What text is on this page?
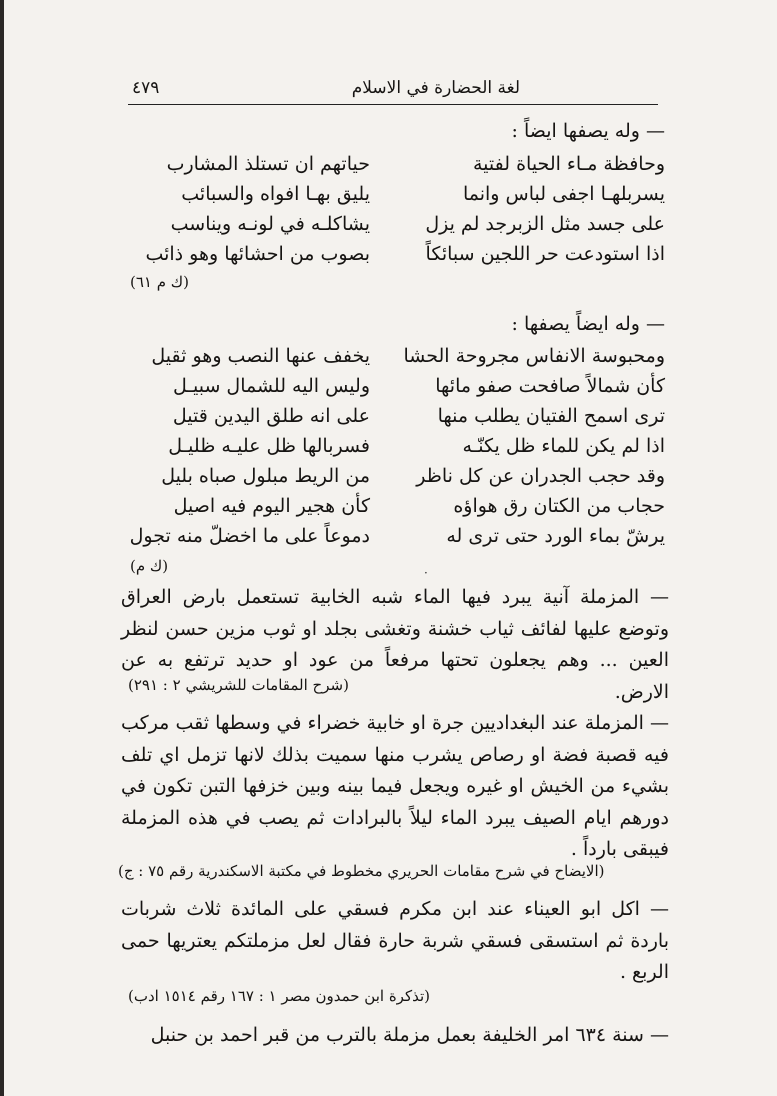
٤٧٩	لغة الحضارة في الاسلام
— وله يصفها ايضاً :
وحافظة مـاء الحياة لفتية
حياتهم ان تستلذ المشارب
يسربلهـا اجفى لباس وانما
يليق بهـا افواه والسبائب
على جسد مثل الزبرجد لم يزل
يشاكلـه في لونـه ويناسب
اذا استودعت حر اللجين سبائكاً
بصوب من احشائها وهو ذائب
(ك م ٦١)
— وله ايضاً يصفها :
ومحبوسة الانفاس مجروحة الحشا
يخفف عنها النصب وهو ثقيل
كأن شمالاً صافحت صفو مائها
وليس اليه للشمال سبيـل
ترى اسمح الفتيان يطلب منها
على انه طلق اليدين قتيل
اذا لم يكن للماء ظل يكنّـه
فسربالها ظل عليـه ظليـل
وقد حجب الجدران عن كل ناظر
من الريط مبلول صباه بليل
حجاب من الكتان رق هواؤه
كأن هجير اليوم فيه اصيل
يرشّ بماء الورد حتى ترى له
دموعاً على ما اخضلّ منه تجول
(ك م)	·
— المزملة آنية يبرد فيها الماء شبه الخابية تستعمل بارض العراق وتوضع عليها لفائف ثياب خشنة وتغشى بجلد او ثوب مزين حسن لنظر العين ... وهم يجعلون تحتها مرفعاً من عود او حديد ترتفع به عن الارض.
(شرح المقامات للشريشي ٢ : ٢٩١)
— المزملة عند البغداديين جرة او خابية خضراء في وسطها ثقب مركب فيه قصبة فضة او رصاص يشرب منها سميت بذلك لانها تزمل اي تلف بشيء من الخيش او غيره ويجعل فيما بينه وبين خزفها التبن تكون في دورهم ايام الصيف يبرد الماء ليلاً بالبرادات ثم يصب في هذه المزملة فيبقى بارداً .
(الايضاح في شرح مقامات الحريري مخطوط في مكتبة الاسكندرية رقم ٧٥ : ج)
— اكل ابو العيناء عند ابن مكرم فسقي على المائدة ثلاث شربات باردة ثم استسقى فسقي شربة حارة فقال لعل مزملتكم يعتريها حمى الربع .
(تذكرة ابن حمدون مصر ١ : ١٦٧ رقم ١٥١٤ ادب)
— سنة ٦٣٤ امر الخليفة بعمل مزملة بالترب من قبر احمد بن حنبل
